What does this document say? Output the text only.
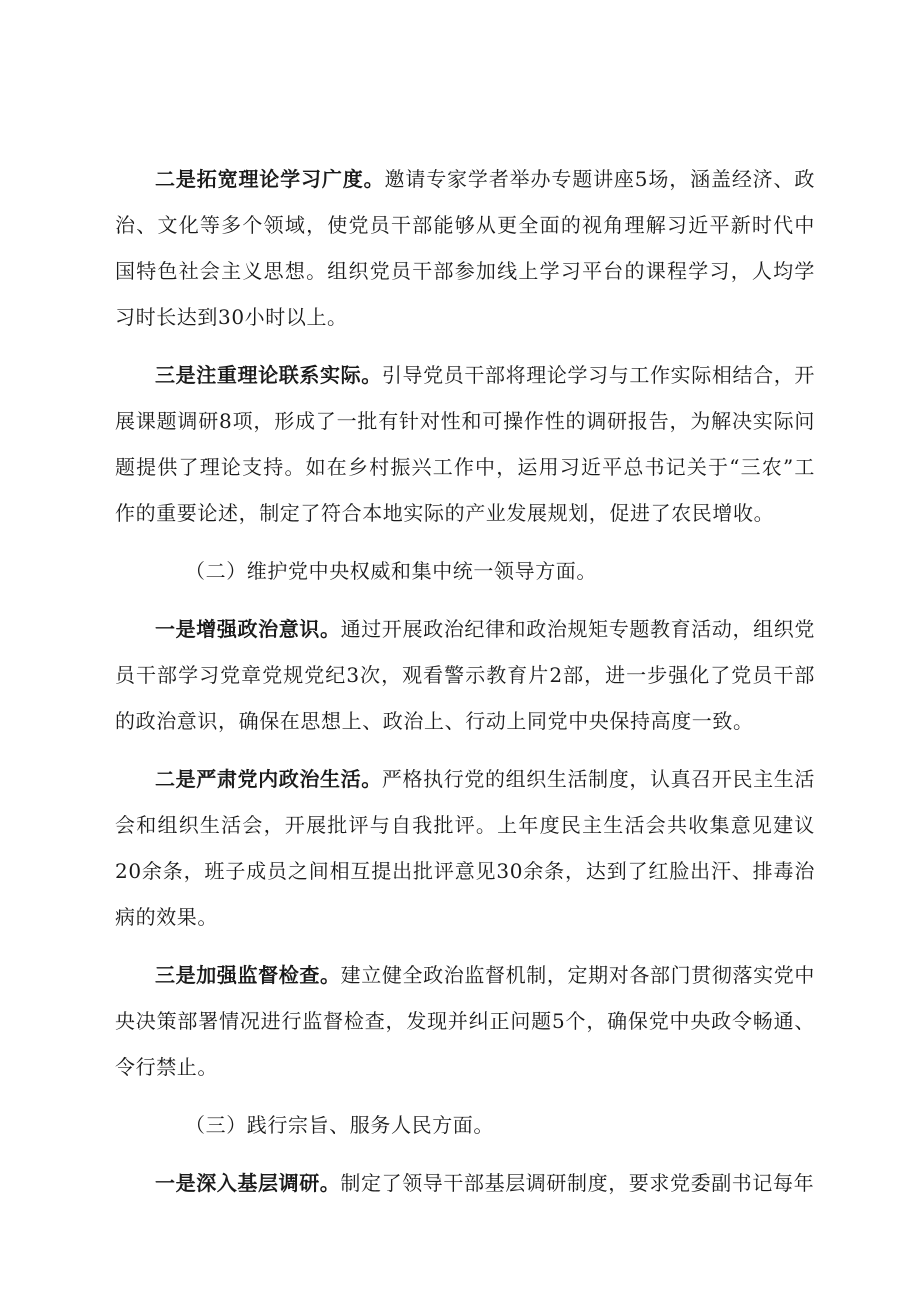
二是拓宽理论学习广度。邀请专家学者举办专题讲座5场，涵盖经济、政治、文化等多个领域，使党员干部能够从更全面的视角理解习近平新时代中国特色社会主义思想。组织党员干部参加线上学习平台的课程学习，人均学习时长达到30小时以上。

三是注重理论联系实际。引导党员干部将理论学习与工作实际相结合，开展课题调研8项，形成了一批有针对性和可操作性的调研报告，为解决实际问题提供了理论支持。如在乡村振兴工作中，运用习近平总书记关于“三农”工作的重要论述，制定了符合本地实际的产业发展规划，促进了农民增收。

（二）维护党中央权威和集中统一领导方面。

一是增强政治意识。通过开展政治纪律和政治规矩专题教育活动，组织党员干部学习党章党规党纪3次，观看警示教育片2部，进一步强化了党员干部的政治意识，确保在思想上、政治上、行动上同党中央保持高度一致。

二是严肃党内政治生活。严格执行党的组织生活制度，认真召开民主生活会和组织生活会，开展批评与自我批评。上年度民主生活会共收集意见建议20余条，班子成员之间相互提出批评意见30余条，达到了红脸出汗、排毒治病的效果。

三是加强监督检查。建立健全政治监督机制，定期对各部门贯彻落实党中央决策部署情况进行监督检查，发现并纠正问题5个，确保党中央政令畅通、令行禁止。

（三）践行宗旨、服务人民方面。

一是深入基层调研。制定了领导干部基层调研制度，要求党委副书记每年
